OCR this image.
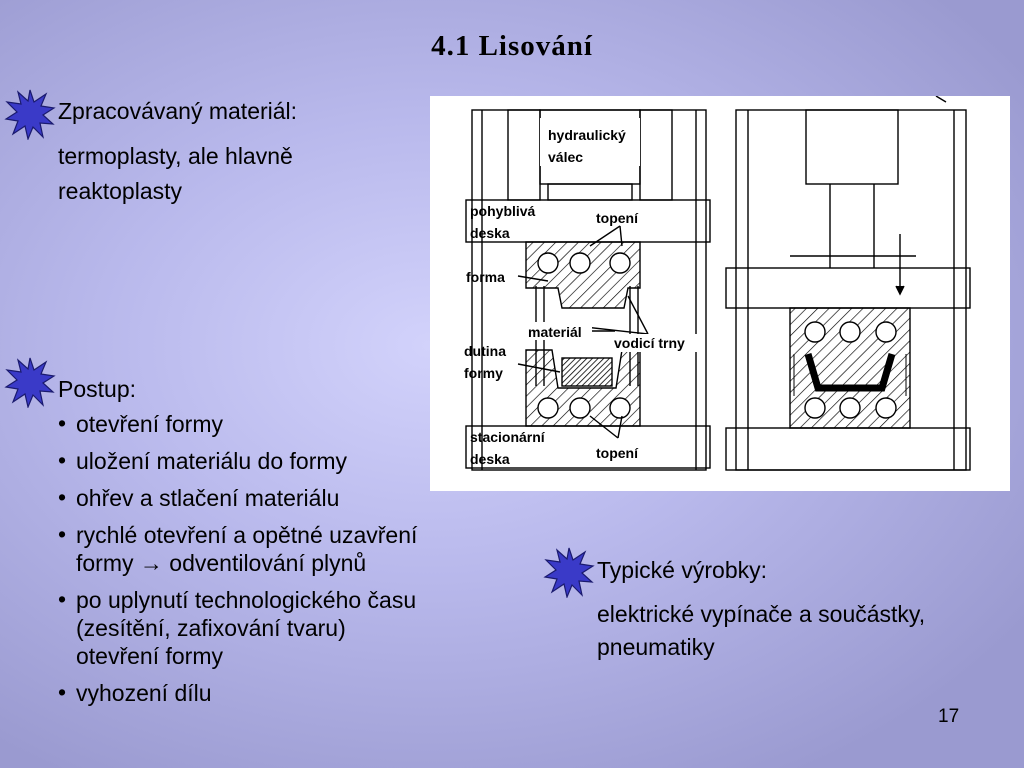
4.1 Lisování
Zpracovávaný materiál:
termoplasty, ale hlavně
reaktoplasty
Postup:
• otevření formy
• uložení materiálu do formy
• ohřev a stlačení materiálu
• rychlé otevření a opětné uzavření
formy → odventilování plynů
• po uplynutí technologického času
(zesítění, zafixování tvaru)
otevření formy
• vyhození dílu
Typické výrobky:
elektrické vypínače a součástky,
pneumatiky
hydraulický
válec
pohyblivá
deska
topení
forma
materiál
vodicí trny
dutina
formy
stacionární
deska	topení
17
